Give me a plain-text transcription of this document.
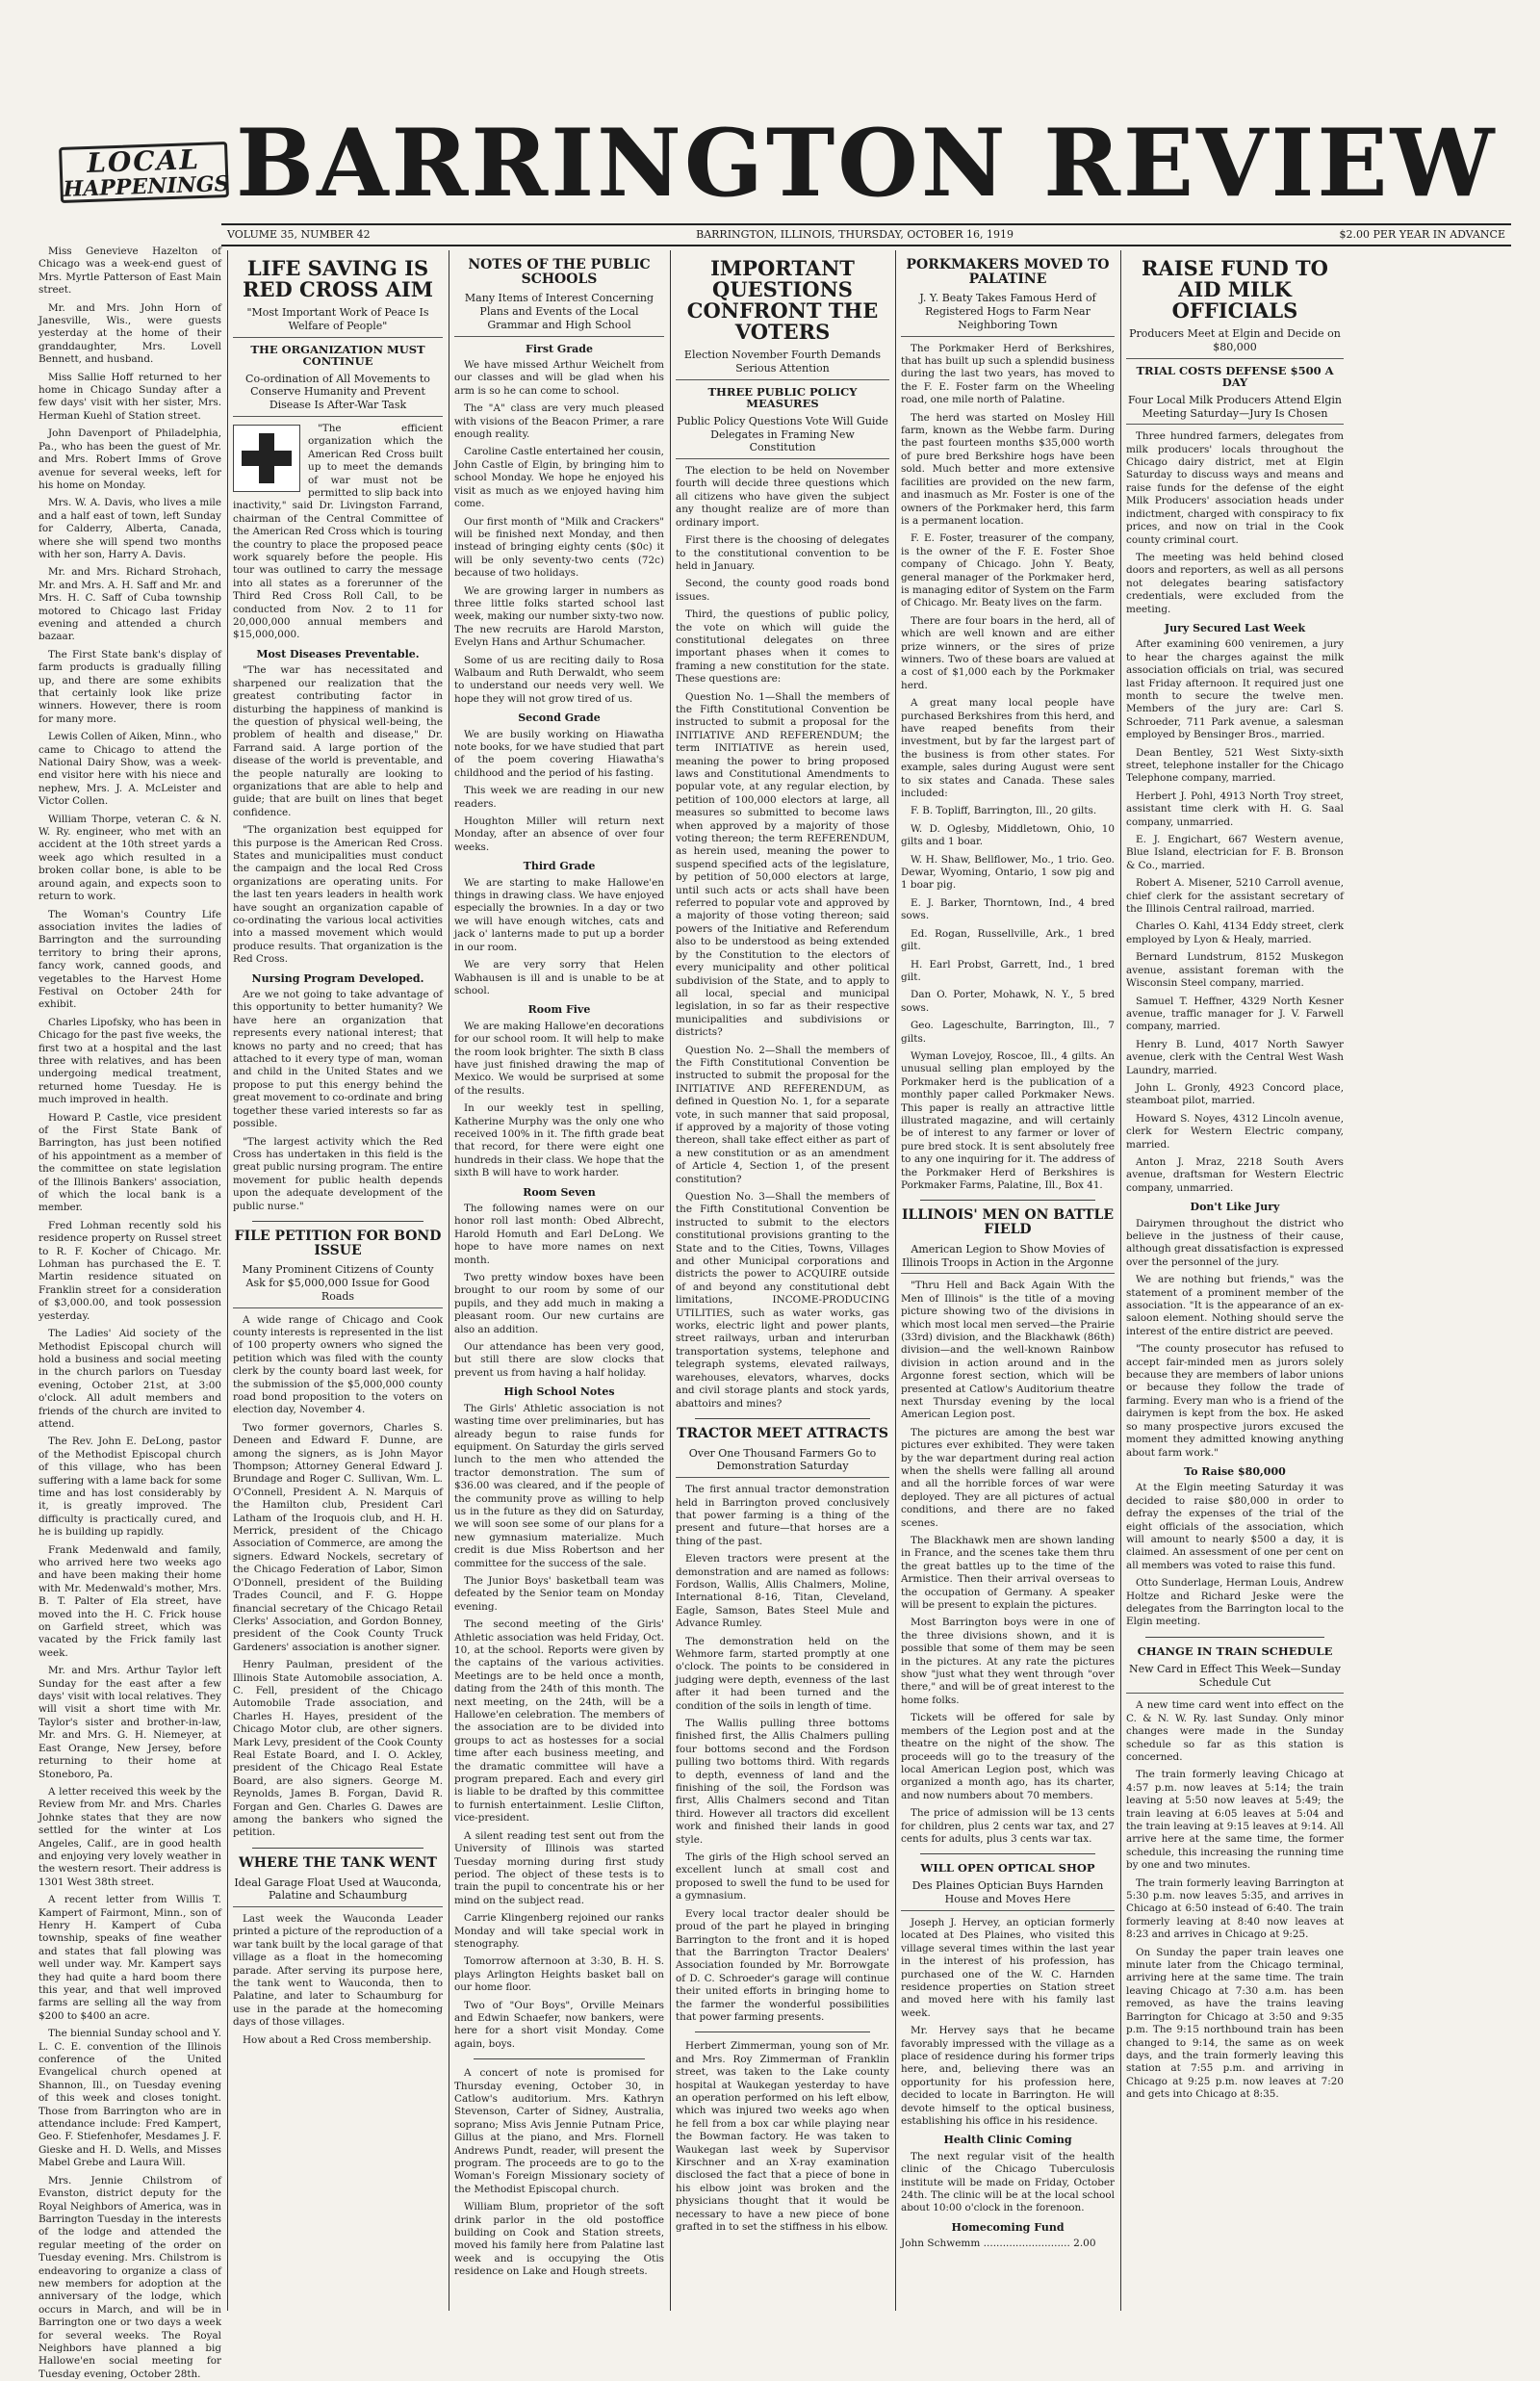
LOCAL
HAPPENINGS BARRINGTON REVIEW
VOLUME 35, NUMBER 42	BARRINGTON, ILLINOIS, THURSDAY, OCTOBER 16, 1919	$2.00 PER YEAR IN ADVANCE

Miss Genevieve Hazelton of Chicago was a week-end guest of Mrs. Myrtle Patterson of East Main street.

Mr. and Mrs. John Horn of Janesville, Wis., were guests yesterday at the home of their granddaughter, Mrs. Lovell Bennett, and husband.

Miss Sallie Hoff returned to her home in Chicago Sunday after a few days' visit with her sister, Mrs. Herman Kuehl of Station street.

John Davenport of Philadelphia, Pa., who has been the guest of Mr. and Mrs. Robert Imms of Grove avenue for several weeks, left for his home on Monday.

Mrs. W. A. Davis, who lives a mile and a half east of town, left Sunday for Calderry, Alberta, Canada, where she will spend two months with her son, Harry A. Davis.

Mr. and Mrs. Richard Strohach, Mr. and Mrs. A. H. Saff and Mr. and Mrs. H. C. Saff of Cuba township motored to Chicago last Friday evening and attended a church bazaar.

The First State bank's display of farm products is gradually filling up, and there are some exhibits that certainly look like prize winners. However, there is room for many more.

Lewis Collen of Aiken, Minn., who came to Chicago to attend the National Dairy Show, was a week-end visitor here with his niece and nephew, Mrs. J. A. McLeister and Victor Collen.

William Thorpe, veteran C. & N. W. Ry. engineer, who met with an accident at the 10th street yards a week ago which resulted in a broken collar bone, is able to be around again, and expects soon to return to work.

The Woman's Country Life association invites the ladies of Barrington and the surrounding territory to bring their aprons, fancy work, canned goods, and vegetables to the Harvest Home Festival on October 24th for exhibit.

Charles Lipofsky, who has been in Chicago for the past five weeks, the first two at a hospital and the last three with relatives, and has been undergoing medical treatment, returned home Tuesday. He is much improved in health.

Howard P. Castle, vice president of the First State Bank of Barrington, has just been notified of his appointment as a member of the committee on state legislation of the Illinois Bankers' association, of which the local bank is a member.

Fred Lohman recently sold his residence property on Russel street to R. F. Kocher of Chicago. Mr. Lohman has purchased the E. T. Martin residence situated on Franklin street for a consideration of $3,000.00, and took possession yesterday.

The Ladies' Aid society of the Methodist Episcopal church will hold a business and social meeting in the church parlors on Tuesday evening, October 21st, at 3:00 o'clock. All adult members and friends of the church are invited to attend.

The Rev. John E. DeLong, pastor of the Methodist Episcopal church of this village, who has been suffering with a lame back for some time and has lost considerably by it, is greatly improved. The difficulty is practically cured, and he is building up rapidly.

Frank Medenwald and family, who arrived here two weeks ago and have been making their home with Mr. Medenwald's mother, Mrs. B. T. Palter of Ela street, have moved into the H. C. Frick house on Garfield street, which was vacated by the Frick family last week.

Mr. and Mrs. Arthur Taylor left Sunday for the east after a few days' visit with local relatives. They will visit a short time with Mr. Taylor's sister and brother-in-law, Mr. and Mrs. G. H. Niemeyer, at East Orange, New Jersey, before returning to their home at Stoneboro, Pa.

A letter received this week by the Review from Mr. and Mrs. Charles Johnke states that they are now settled for the winter at Los Angeles, Calif., are in good health and enjoying very lovely weather in the western resort. Their address is 1301 West 38th street.

A recent letter from Willis T. Kampert of Fairmont, Minn., son of Henry H. Kampert of Cuba township, speaks of fine weather and states that fall plowing was well under way. Mr. Kampert says they had quite a hard boom there this year, and that well improved farms are selling all the way from $200 to $400 an acre.

The biennial Sunday school and Y. L. C. E. convention of the Illinois conference of the United Evangelical church opened at Shannon, Ill., on Tuesday evening of this week and closes tonight. Those from Barrington who are in attendance include: Fred Kampert, Geo. F. Stiefenhofer, Mesdames J. F. Gieske and H. D. Wells, and Misses Mabel Grebe and Laura Will.

Mrs. Jennie Chilstrom of Evanston, district deputy for the Royal Neighbors of America, was in Barrington Tuesday in the interests of the lodge and attended the regular meeting of the order on Tuesday evening. Mrs. Chilstrom is endeavoring to organize a class of new members for adoption at the anniversary of the lodge, which occurs in March, and will be in Barrington one or two days a week for several weeks. The Royal Neighbors have planned a big Hallowe'en social meeting for Tuesday evening, October 28th.

LIFE SAVING IS RED CROSS AIM
"Most Important Work of Peace Is Welfare of People"
THE ORGANIZATION MUST CONTINUE
Co-ordination of All Movements to Conserve Humanity and Prevent Disease Is After-War Task

"The efficient organization which the American Red Cross built up to meet the demands of war must not be permitted to slip back into inactivity," said Dr. Livingston Farrand, chairman of the Central Committee of the American Red Cross which is touring the country to place the proposed peace work squarely before the people. His tour was outlined to carry the message into all states as a forerunner of the Third Red Cross Roll Call, to be conducted from Nov. 2 to 11 for 20,000,000 annual members and $15,000,000.

Most Diseases Preventable.

"The war has necessitated and sharpened our realization that the greatest contributing factor in disturbing the happiness of mankind is the question of physical well-being, the problem of health and disease," Dr. Farrand said. A large portion of the disease of the world is preventable, and the people naturally are looking to organizations that are able to help and guide; that are built on lines that beget confidence.

"The organization best equipped for this purpose is the American Red Cross. States and municipalities must conduct the campaign and the local Red Cross organizations are operating units. For the last ten years leaders in health work have sought an organization capable of co-ordinating the various local activities into a massed movement which would produce results. That organization is the Red Cross.

Nursing Program Developed.

Are we not going to take advantage of this opportunity to better humanity? We have here an organization that represents every national interest; that knows no party and no creed; that has attached to it every type of man, woman and child in the United States and we propose to put this energy behind the great movement to co-ordinate and bring together these varied interests so far as possible.

"The largest activity which the Red Cross has undertaken in this field is the great public nursing program. The entire movement for public health depends upon the adequate development of the public nurse."

FILE PETITION FOR BOND ISSUE
Many Prominent Citizens of County Ask for $5,000,000 Issue for Good Roads

A wide range of Chicago and Cook county interests is represented in the list of 100 property owners who signed the petition which was filed with the county clerk by the county board last week, for the submission of the $5,000,000 county road bond proposition to the voters on election day, November 4.

Two former governors, Charles S. Deneen and Edward F. Dunne, are among the signers, as is John Mayor Thompson; Attorney General Edward J. Brundage and Roger C. Sullivan, Wm. L. O'Connell, President A. N. Marquis of the Hamilton club, President Carl Latham of the Iroquois club, and H. H. Merrick, president of the Chicago Association of Commerce, are among the signers. Edward Nockels, secretary of the Chicago Federation of Labor, Simon O'Donnell, president of the Building Trades Council, and F. G. Hoppe financial secretary of the Chicago Retail Clerks' Association, and Gordon Bonney, president of the Cook County Truck Gardeners' association is another signer.

Henry Paulman, president of the Illinois State Automobile association, A. C. Fell, president of the Chicago Automobile Trade association, and Charles H. Hayes, president of the Chicago Motor club, are other signers. Mark Levy, president of the Cook County Real Estate Board, and I. O. Ackley, president of the Chicago Real Estate Board, are also signers. George M. Reynolds, James B. Forgan, David R. Forgan and Gen. Charles G. Dawes are among the bankers who signed the petition.

WHERE THE TANK WENT
Ideal Garage Float Used at Wauconda, Palatine and Schaumburg

Last week the Wauconda Leader printed a picture of the reproduction of a war tank built by the local garage of that village as a float in the homecoming parade. After serving its purpose here, the tank went to Wauconda, then to Palatine, and later to Schaumburg for use in the parade at the homecoming days of those villages.

How about a Red Cross membership.

NOTES OF THE PUBLIC SCHOOLS
Many Items of Interest Concerning Plans and Events of the Local Grammar and High School
First Grade

We have missed Arthur Weichelt from our classes and will be glad when his arm is so he can come to school.

The "A" class are very much pleased with visions of the Beacon Primer, a rare enough reality.

Caroline Castle entertained her cousin, John Castle of Elgin, by bringing him to school Monday. We hope he enjoyed his visit as much as we enjoyed having him come.

Our first month of "Milk and Crackers" will be finished next Monday, and then instead of bringing eighty cents ($0c) it will be only seventy-two cents (72c) because of two holidays.

We are growing larger in numbers as three little folks started school last week, making our number sixty-two now. The new recruits are Harold Marston, Evelyn Hans and Arthur Schumacher.

Some of us are reciting daily to Rosa Walbaum and Ruth Derwaldt, who seem to understand our needs very well. We hope they will not grow tired of us.

Second Grade

We are busily working on Hiawatha note books, for we have studied that part of the poem covering Hiawatha's childhood and the period of his fasting.

This week we are reading in our new readers.

Houghton Miller will return next Monday, after an absence of over four weeks.

Third Grade

We are starting to make Hallowe'en things in drawing class. We have enjoyed especially the brownies. In a day or two we will have enough witches, cats and jack o' lanterns made to put up a border in our room.

We are very sorry that Helen Wabhausen is ill and is unable to be at school.

Room Five

We are making Hallowe'en decorations for our school room. It will help to make the room look brighter. The sixth B class have just finished drawing the map of Mexico. We would be surprised at some of the results.

In our weekly test in spelling, Katherine Murphy was the only one who received 100% in it. The fifth grade beat that record, for there were eight one hundreds in their class. We hope that the sixth B will have to work harder.

Room Seven

The following names were on our honor roll last month: Obed Albrecht, Harold Homuth and Earl DeLong. We hope to have more names on next month.

Two pretty window boxes have been brought to our room by some of our pupils, and they add much in making a pleasant room. Our new curtains are also an addition.

Our attendance has been very good, but still there are slow clocks that prevent us from having a half holiday.

High School Notes

The Girls' Athletic association is not wasting time over preliminaries, but has already begun to raise funds for equipment. On Saturday the girls served lunch to the men who attended the tractor demonstration. The sum of $36.00 was cleared, and if the people of the community prove as willing to help us in the future as they did on Saturday, we will soon see some of our plans for a new gymnasium materialize. Much credit is due Miss Robertson and her committee for the success of the sale.

The Junior Boys' basketball team was defeated by the Senior team on Monday evening.

The second meeting of the Girls' Athletic association was held Friday, Oct. 10, at the school. Reports were given by the captains of the various activities. Meetings are to be held once a month, dating from the 24th of this month. The next meeting, on the 24th, will be a Hallowe'en celebration. The members of the association are to be divided into groups to act as hostesses for a social time after each business meeting, and the dramatic committee will have a program prepared. Each and every girl is liable to be drafted by this committee to furnish entertainment. Leslie Clifton, vice-president.

A silent reading test sent out from the University of Illinois was started Tuesday morning during first study period. The object of these tests is to train the pupil to concentrate his or her mind on the subject read.

Carrie Klingenberg rejoined our ranks Monday and will take special work in stenography.

Tomorrow afternoon at 3:30, B. H. S. plays Arlington Heights basket ball on our home floor.

Two of "Our Boys", Orville Meinars and Edwin Schaefer, now bankers, were here for a short visit Monday. Come again, boys.

A concert of note is promised for Thursday evening, October 30, in Catlow's auditorium. Mrs. Kathryn Stevenson, Carter of Sidney, Australia, soprano; Miss Avis Jennie Putnam Price, Gillus at the piano, and Mrs. Flornell Andrews Pundt, reader, will present the program. The proceeds are to go to the Woman's Foreign Missionary society of the Methodist Episcopal church.

William Blum, proprietor of the soft drink parlor in the old postoffice building on Cook and Station streets, moved his family here from Palatine last week and is occupying the Otis residence on Lake and Hough streets.

IMPORTANT QUESTIONS CONFRONT THE VOTERS
Election November Fourth Demands Serious Attention
THREE PUBLIC POLICY MEASURES
Public Policy Questions Vote Will Guide Delegates in Framing New Constitution

The election to be held on November fourth will decide three questions which all citizens who have given the subject any thought realize are of more than ordinary import.

First there is the choosing of delegates to the constitutional convention to be held in January.

Second, the county good roads bond issues.

Third, the questions of public policy, the vote on which will guide the constitutional delegates on three important phases when it comes to framing a new constitution for the state. These questions are:

Question No. 1—Shall the members of the Fifth Constitutional Convention be instructed to submit a proposal for the INITIATIVE AND REFERENDUM; the term INITIATIVE as herein used, meaning the power to bring proposed laws and Constitutional Amendments to popular vote, at any regular election, by petition of 100,000 electors at large, all measures so submitted to become laws when approved by a majority of those voting thereon; the term REFERENDUM, as herein used, meaning the power to suspend specified acts of the legislature, by petition of 50,000 electors at large, until such acts or acts shall have been referred to popular vote and approved by a majority of those voting thereon; said powers of the Initiative and Referendum also to be understood as being extended by the Constitution to the electors of every municipality and other political subdivision of the State, and to apply to all local, special and municipal legislation, in so far as their respective municipalities and subdivisions or districts?

Question No. 2—Shall the members of the Fifth Constitutional Convention be instructed to submit the proposal for the INITIATIVE AND REFERENDUM, as defined in Question No. 1, for a separate vote, in such manner that said proposal, if approved by a majority of those voting thereon, shall take effect either as part of a new constitution or as an amendment of Article 4, Section 1, of the present constitution?

Question No. 3—Shall the members of the Fifth Constitutional Convention be instructed to submit to the electors constitutional provisions granting to the State and to the Cities, Towns, Villages and other Municipal corporations and districts the power to ACQUIRE outside of and beyond any constitutional debt limitations, INCOME-PRODUCING UTILITIES, such as water works, gas works, electric light and power plants, street railways, urban and interurban transportation systems, telephone and telegraph systems, elevated railways, warehouses, elevators, wharves, docks and civil storage plants and stock yards, abattoirs and mines?

TRACTOR MEET ATTRACTS
Over One Thousand Farmers Go to Demonstration Saturday

The first annual tractor demonstration held in Barrington proved conclusively that power farming is a thing of the present and future—that horses are a thing of the past.

Eleven tractors were present at the demonstration and are named as follows: Fordson, Wallis, Allis Chalmers, Moline, International 8-16, Titan, Cleveland, Eagle, Samson, Bates Steel Mule and Advance Rumley.

The demonstration held on the Wehmore farm, started promptly at one o'clock. The points to be considered in judging were depth, evenness of the last after it had been turned and the condition of the soils in length of time.

The Wallis pulling three bottoms finished first, the Allis Chalmers pulling four bottoms second and the Fordson pulling two bottoms third. With regards to depth, evenness of land and the finishing of the soil, the Fordson was first, Allis Chalmers second and Titan third. However all tractors did excellent work and finished their lands in good style.

The girls of the High school served an excellent lunch at small cost and proposed to swell the fund to be used for a gymnasium.

Every local tractor dealer should be proud of the part he played in bringing Barrington to the front and it is hoped that the Barrington Tractor Dealers' Association founded by Mr. Borrowgate of D. C. Schroeder's garage will continue their united efforts in bringing home to the farmer the wonderful possibilities that power farming presents.

Herbert Zimmerman, young son of Mr. and Mrs. Roy Zimmerman of Franklin street, was taken to the Lake county hospital at Waukegan yesterday to have an operation performed on his left elbow, which was injured two weeks ago when he fell from a box car while playing near the Bowman factory. He was taken to Waukegan last week by Supervisor Kirschner and an X-ray examination disclosed the fact that a piece of bone in his elbow joint was broken and the physicians thought that it would be necessary to have a new piece of bone grafted in to set the stiffness in his elbow.

PORKMAKERS MOVED TO PALATINE
J. Y. Beaty Takes Famous Herd of Registered Hogs to Farm Near Neighboring Town

The Porkmaker Herd of Berkshires, that has built up such a splendid business during the last two years, has moved to the F. E. Foster farm on the Wheeling road, one mile north of Palatine.

The herd was started on Mosley Hill farm, known as the Webbe farm. During the past fourteen months $35,000 worth of pure bred Berkshire hogs have been sold. Much better and more extensive facilities are provided on the new farm, and inasmuch as Mr. Foster is one of the owners of the Porkmaker herd, this farm is a permanent location.

F. E. Foster, treasurer of the company, is the owner of the F. E. Foster Shoe company of Chicago. John Y. Beaty, general manager of the Porkmaker herd, is managing editor of System on the Farm of Chicago. Mr. Beaty lives on the farm.

There are four boars in the herd, all of which are well known and are either prize winners, or the sires of prize winners. Two of these boars are valued at a cost of $1,000 each by the Porkmaker herd.

A great many local people have purchased Berkshires from this herd, and have reaped benefits from their investment, but by far the largest part of the business is from other states. For example, sales during August were sent to six states and Canada. These sales included:

F. B. Topliff, Barrington, Ill., 20 gilts.

W. D. Oglesby, Middletown, Ohio, 10 gilts and 1 boar.

W. H. Shaw, Bellflower, Mo., 1 trio. Geo. Dewar, Wyoming, Ontario, 1 sow pig and 1 boar pig.

E. J. Barker, Thorntown, Ind., 4 bred sows.

Ed. Rogan, Russellville, Ark., 1 bred gilt.

H. Earl Probst, Garrett, Ind., 1 bred gilt.

Dan O. Porter, Mohawk, N. Y., 5 bred sows.

Geo. Lageschulte, Barrington, Ill., 7 gilts.

Wyman Lovejoy, Roscoe, Ill., 4 gilts. An unusual selling plan employed by the Porkmaker herd is the publication of a monthly paper called Porkmaker News. This paper is really an attractive little illustrated magazine, and will certainly be of interest to any farmer or lover of pure bred stock. It is sent absolutely free to any one inquiring for it. The address of the Porkmaker Herd of Berkshires is Porkmaker Farms, Palatine, Ill., Box 41.

ILLINOIS' MEN ON BATTLE FIELD
American Legion to Show Movies of Illinois Troops in Action in the Argonne

"Thru Hell and Back Again With the Men of Illinois" is the title of a moving picture showing two of the divisions in which most local men served—the Prairie (33rd) division, and the Blackhawk (86th) division—and the well-known Rainbow division in action around and in the Argonne forest section, which will be presented at Catlow's Auditorium theatre next Thursday evening by the local American Legion post.

The pictures are among the best war pictures ever exhibited. They were taken by the war department during real action when the shells were falling all around and all the horrible forces of war were deployed. They are all pictures of actual conditions, and there are no faked scenes.

The Blackhawk men are shown landing in France, and the scenes take them thru the great battles up to the time of the Armistice. Then their arrival overseas to the occupation of Germany. A speaker will be present to explain the pictures.

Most Barrington boys were in one of the three divisions shown, and it is possible that some of them may be seen in the pictures. At any rate the pictures show "just what they went through "over there," and will be of great interest to the home folks.

Tickets will be offered for sale by members of the Legion post and at the theatre on the night of the show. The proceeds will go to the treasury of the local American Legion post, which was organized a month ago, has its charter, and now numbers about 70 members.

The price of admission will be 13 cents for children, plus 2 cents war tax, and 27 cents for adults, plus 3 cents war tax.

WILL OPEN OPTICAL SHOP
Des Plaines Optician Buys Harnden House and Moves Here

Joseph J. Hervey, an optician formerly located at Des Plaines, who visited this village several times within the last year in the interest of his profession, has purchased one of the W. C. Harnden residence properties on Station street and moved here with his family last week.

Mr. Hervey says that he became favorably impressed with the village as a place of residence during his former trips here, and, believing there was an opportunity for his profession here, decided to locate in Barrington. He will devote himself to the optical business, establishing his office in his residence.

Health Clinic Coming

The next regular visit of the health clinic of the Chicago Tuberculosis institute will be made on Friday, October 24th. The clinic will be at the local school about 10:00 o'clock in the forenoon.

Homecoming Fund
John Schwemm ........................... 2.00
RAISE FUND TO AID MILK OFFICIALS
Producers Meet at Elgin and Decide on $80,000
TRIAL COSTS DEFENSE $500 A DAY
Four Local Milk Producers Attend Elgin Meeting Saturday—Jury Is Chosen

Three hundred farmers, delegates from milk producers' locals throughout the Chicago dairy district, met at Elgin Saturday to discuss ways and means and raise funds for the defense of the eight Milk Producers' association heads under indictment, charged with conspiracy to fix prices, and now on trial in the Cook county criminal court.

The meeting was held behind closed doors and reporters, as well as all persons not delegates bearing satisfactory credentials, were excluded from the meeting.

Jury Secured Last Week

After examining 600 veniremen, a jury to hear the charges against the milk association officials on trial, was secured last Friday afternoon. It required just one month to secure the twelve men. Members of the jury are: Carl S. Schroeder, 711 Park avenue, a salesman employed by Bensinger Bros., married.

Dean Bentley, 521 West Sixty-sixth street, telephone installer for the Chicago Telephone company, married.

Herbert J. Pohl, 4913 North Troy street, assistant time clerk with H. G. Saal company, unmarried.

E. J. Engichart, 667 Western avenue, Blue Island, electrician for F. B. Bronson & Co., married.

Robert A. Misener, 5210 Carroll avenue, chief clerk for the assistant secretary of the Illinois Central railroad, married.

Charles O. Kahl, 4134 Eddy street, clerk employed by Lyon & Healy, married.

Bernard Lundstrum, 8152 Muskegon avenue, assistant foreman with the Wisconsin Steel company, married.

Samuel T. Heffner, 4329 North Kesner avenue, traffic manager for J. V. Farwell company, married.

Henry B. Lund, 4017 North Sawyer avenue, clerk with the Central West Wash Laundry, married.

John L. Gronly, 4923 Concord place, steamboat pilot, married.

Howard S. Noyes, 4312 Lincoln avenue, clerk for Western Electric company, married.

Anton J. Mraz, 2218 South Avers avenue, draftsman for Western Electric company, unmarried.

Don't Like Jury

Dairymen throughout the district who believe in the justness of their cause, although great dissatisfaction is expressed over the personnel of the jury.

We are nothing but friends," was the statement of a prominent member of the association. "It is the appearance of an ex-saloon element. Nothing should serve the interest of the entire district are peeved.

"The county prosecutor has refused to accept fair-minded men as jurors solely because they are members of labor unions or because they follow the trade of farming. Every man who is a friend of the dairymen is kept from the box. He asked so many prospective jurors excused the moment they admitted knowing anything about farm work."

To Raise $80,000

At the Elgin meeting Saturday it was decided to raise $80,000 in order to defray the expenses of the trial of the eight officials of the association, which will amount to nearly $500 a day, it is claimed. An assessment of one per cent on all members was voted to raise this fund.

Otto Sunderlage, Herman Louis, Andrew Holtze and Richard Jeske were the delegates from the Barrington local to the Elgin meeting.

CHANGE IN TRAIN SCHEDULE
New Card in Effect This Week—Sunday Schedule Cut

A new time card went into effect on the C. & N. W. Ry. last Sunday. Only minor changes were made in the Sunday schedule so far as this station is concerned.

The train formerly leaving Chicago at 4:57 p.m. now leaves at 5:14; the train leaving at 5:50 now leaves at 5:49; the train leaving at 6:05 leaves at 5:04 and the train leaving at 9:15 leaves at 9:14. All arrive here at the same time, the former schedule, this increasing the running time by one and two minutes.

The train formerly leaving Barrington at 5:30 p.m. now leaves 5:35, and arrives in Chicago at 6:50 instead of 6:40. The train formerly leaving at 8:40 now leaves at 8:23 and arrives in Chicago at 9:25.

On Sunday the paper train leaves one minute later from the Chicago terminal, arriving here at the same time. The train leaving Chicago at 7:30 a.m. has been removed, as have the trains leaving Barrington for Chicago at 3:50 and 9:35 p.m. The 9:15 northbound train has been changed to 9:14, the same as on week days, and the train formerly leaving this station at 7:55 p.m. and arriving in Chicago at 9:25 p.m. now leaves at 7:20 and gets into Chicago at 8:35.
